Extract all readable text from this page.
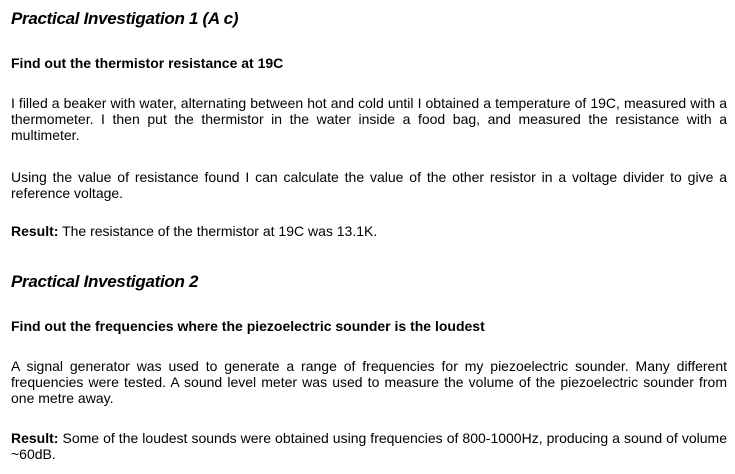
Practical Investigation 1 (A c)
Find out the thermistor resistance at 19C
I filled a beaker with water, alternating between hot and cold until I obtained a temperature of 19C, measured with a thermometer. I then put the thermistor in the water inside a food bag, and measured the resistance with a multimeter.
Using the value of resistance found I can calculate the value of the other resistor in a voltage divider to give a reference voltage.
Result: The resistance of the thermistor at 19C was 13.1K.
Practical Investigation 2
Find out the frequencies where the piezoelectric sounder is the loudest
A signal generator was used to generate a range of frequencies for my piezoelectric sounder. Many different frequencies were tested. A sound level meter was used to measure the volume of the piezoelectric sounder from one metre away.
Result: Some of the loudest sounds were obtained using frequencies of 800-1000Hz, producing a sound of volume ~60dB.
